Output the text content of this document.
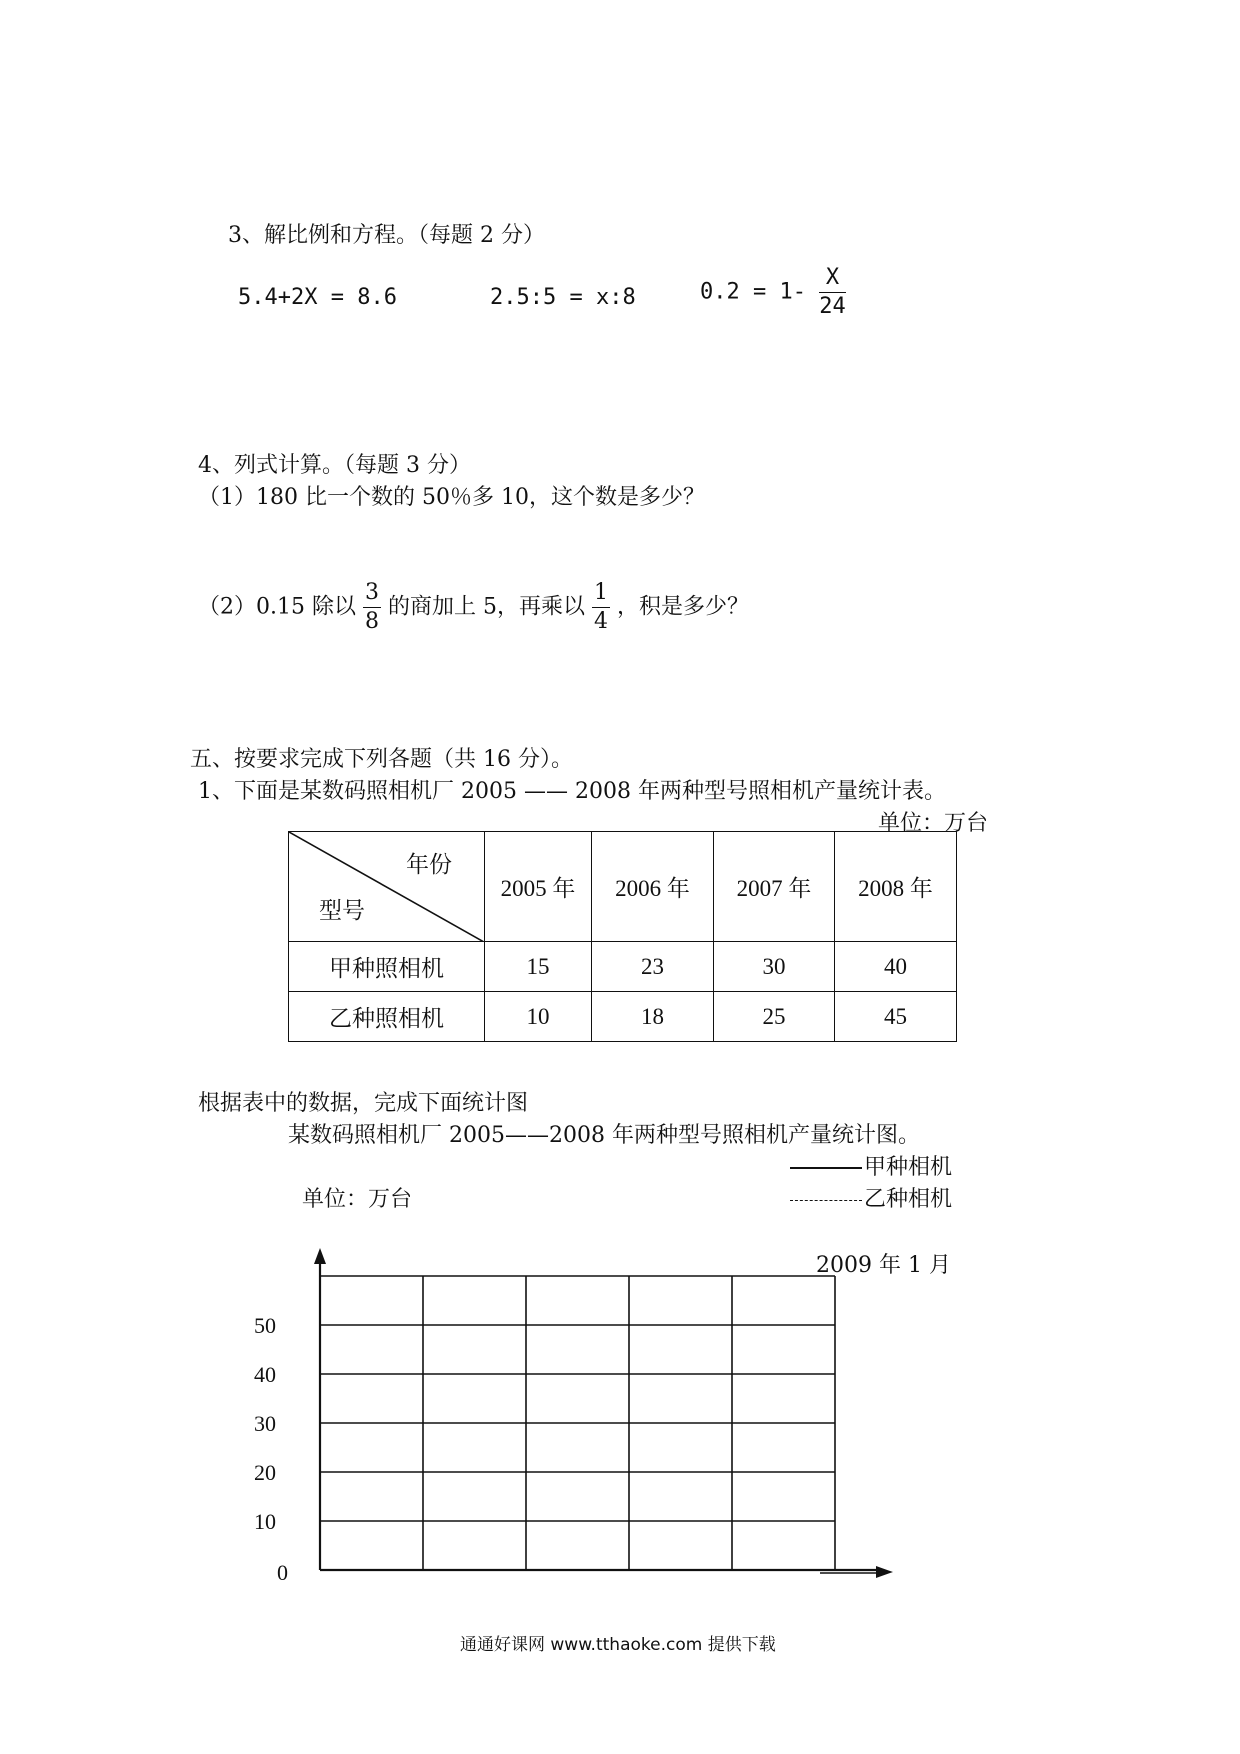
3、解比例和方程。（每题 2 分）
5.4+2X = 8.6	2.5:5 = x:8	$0.2 = 1- \frac{X}{24}$
4、列式计算。（每题 3 分）
（1）180 比一个数的 50％多 10，这个数是多少？
（2）0.15 除以 $\frac{3}{8}$ 的商加上 5，再乘以 $\frac{1}{4}$ ，积是多少？
五、按要求完成下列各题（共 16 分）。
1、下面是某数码照相机厂 2005 —— 2008 年两种型号照相机产量统计表。
单位：万台
年份
型号	2005 年	2006 年	2007 年	2008 年
甲种照相机	15	23	30	40
乙种照相机	10	18	25	45
根据表中的数据，完成下面统计图
某数码照相机厂 2005——2008 年两种型号照相机产量统计图。
甲种相机
乙种相机
单位：万台
2009 年 1 月
0
10
20
30
40
50
通通好课网 www.tthaoke.com 提供下载
